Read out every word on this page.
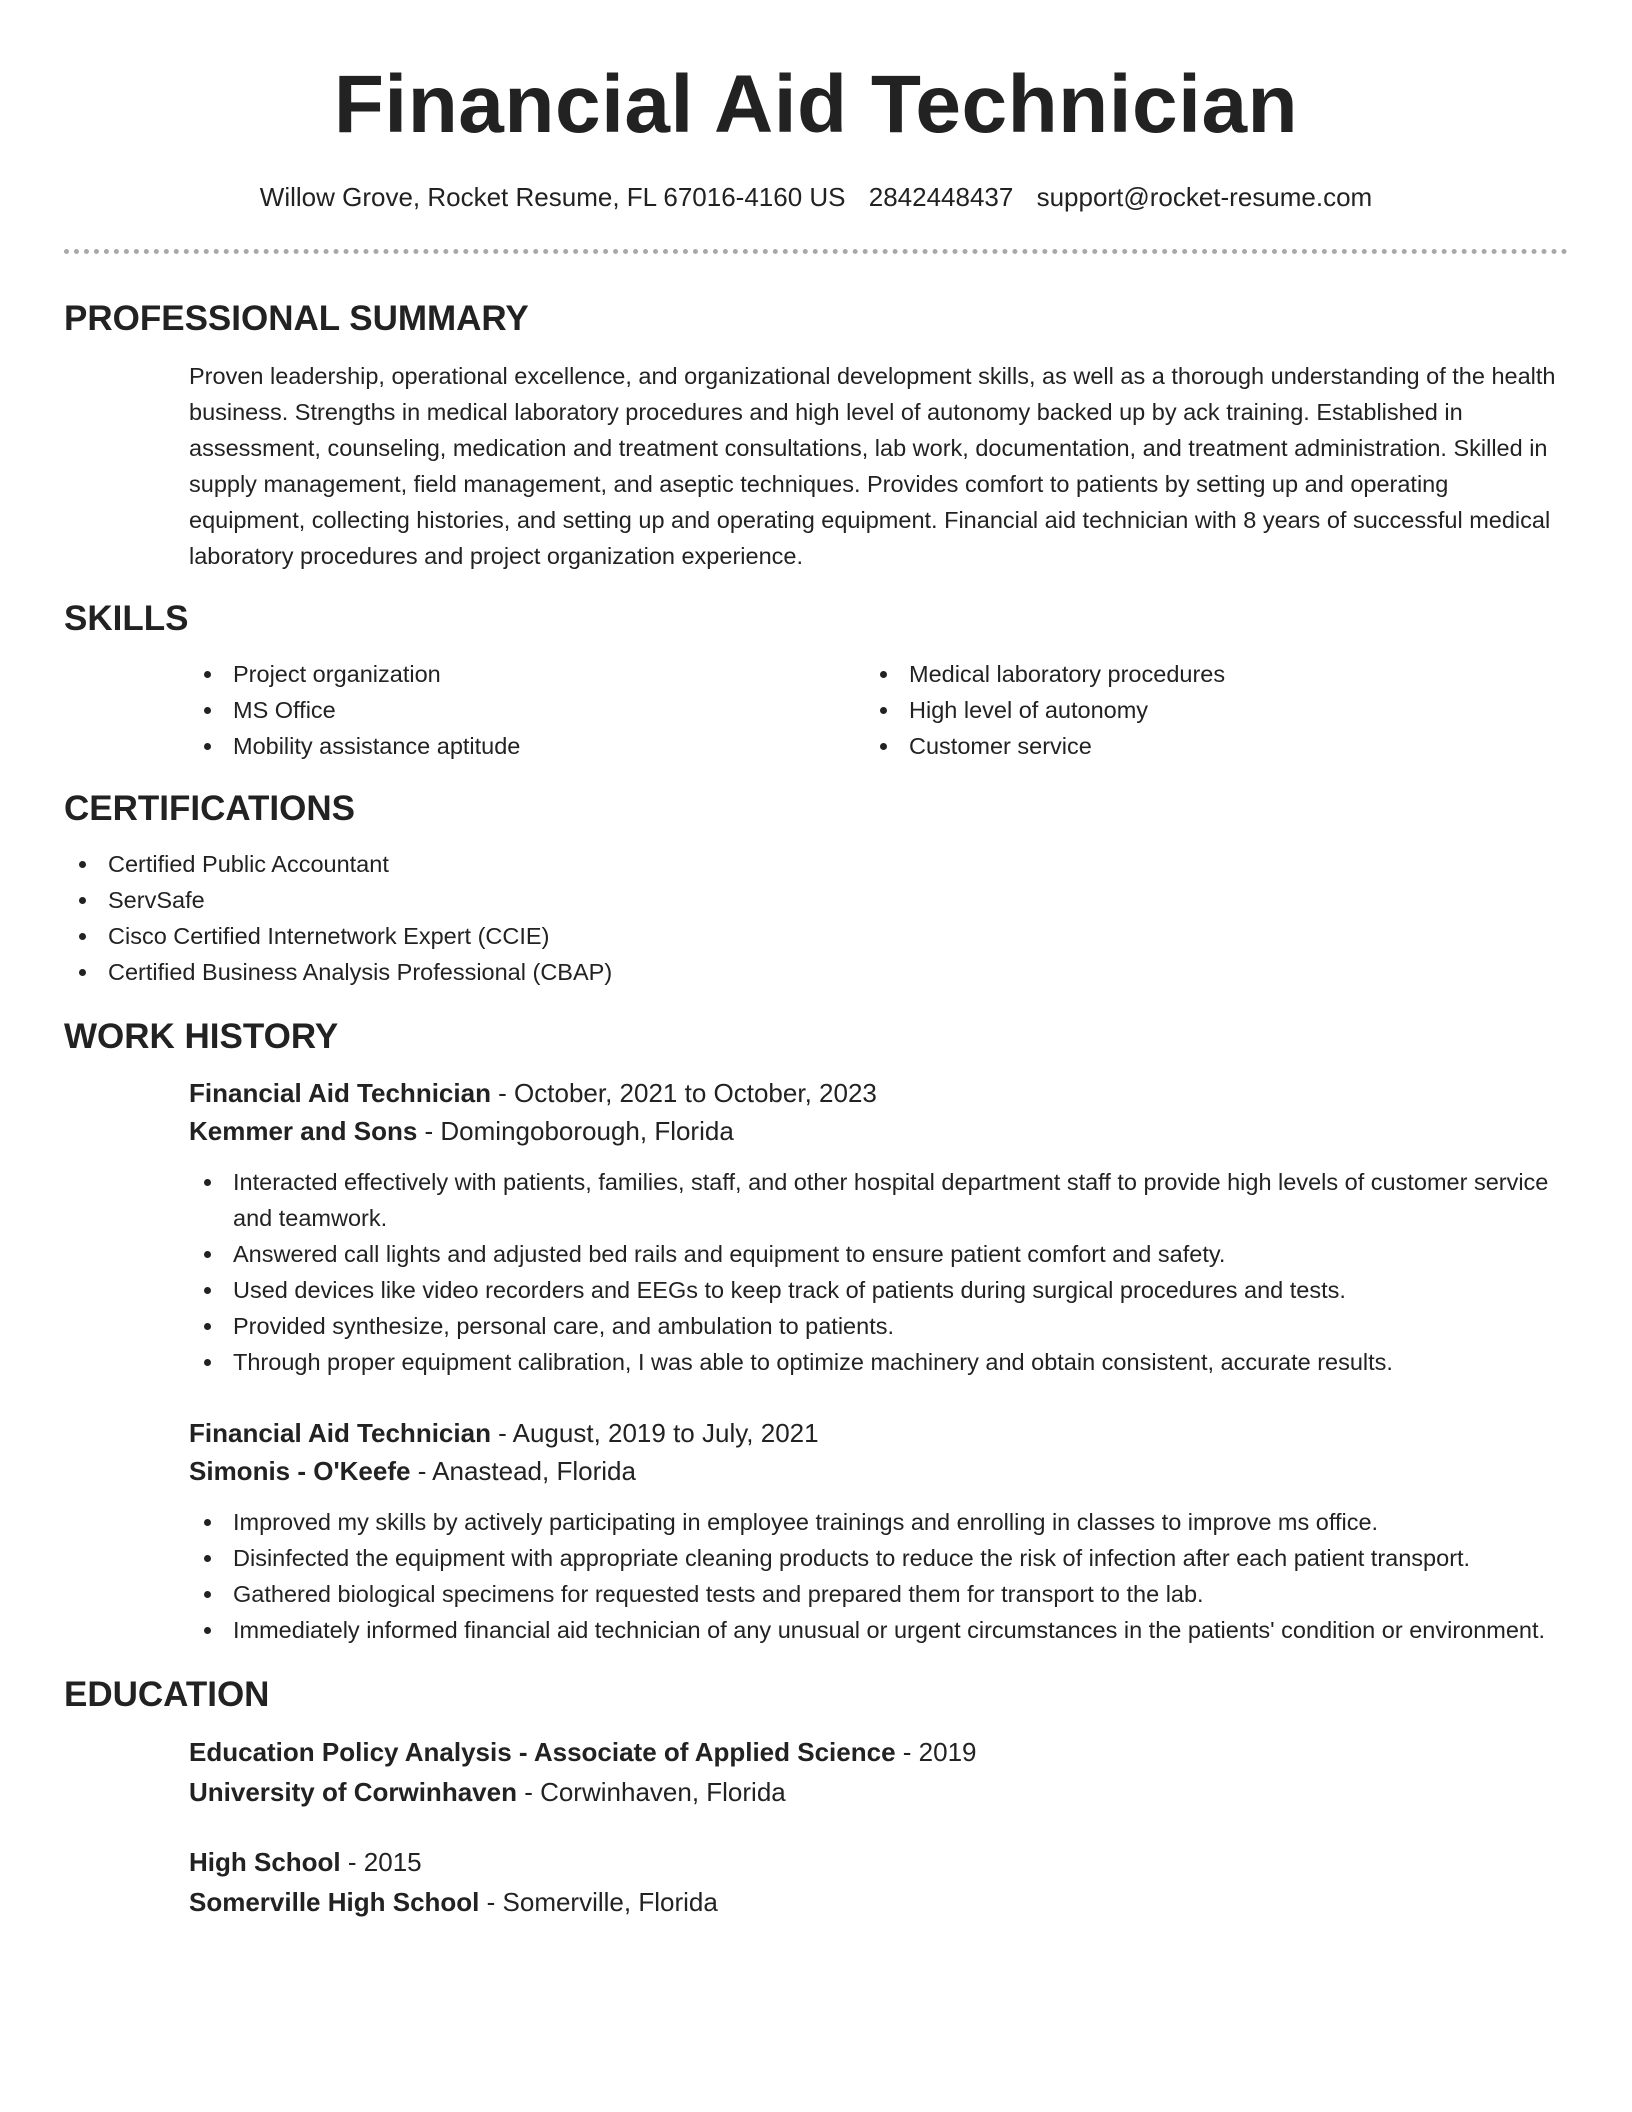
Financial Aid Technician
Willow Grove, Rocket Resume, FL 67016-4160 US 2842448437 support@rocket-resume.com
PROFESSIONAL SUMMARY

Proven leadership, operational excellence, and organizational development skills, as well as a thorough understanding of the health business. Strengths in medical laboratory procedures and high level of autonomy backed up by ack training. Established in assessment, counseling, medication and treatment consultations, lab work, documentation, and treatment administration. Skilled in supply management, field management, and aseptic techniques. Provides comfort to patients by setting up and operating equipment, collecting histories, and setting up and operating equipment. Financial aid technician with 8 years of successful medical laboratory procedures and project organization experience.

SKILLS
Project organization
MS Office
Mobility assistance aptitude
Medical laboratory procedures
High level of autonomy
Customer service
CERTIFICATIONS
Certified Public Accountant
ServSafe
Cisco Certified Internetwork Expert (CCIE)
Certified Business Analysis Professional (CBAP)
WORK HISTORY
Financial Aid Technician - October, 2021 to October, 2023
Kemmer and Sons - Domingoborough, Florida
Interacted effectively with patients, families, staff, and other hospital department staff to provide high levels of customer service and teamwork.
Answered call lights and adjusted bed rails and equipment to ensure patient comfort and safety.
Used devices like video recorders and EEGs to keep track of patients during surgical procedures and tests.
Provided synthesize, personal care, and ambulation to patients.
Through proper equipment calibration, I was able to optimize machinery and obtain consistent, accurate results.
Financial Aid Technician - August, 2019 to July, 2021
Simonis - O'Keefe - Anastead, Florida
Improved my skills by actively participating in employee trainings and enrolling in classes to improve ms office.
Disinfected the equipment with appropriate cleaning products to reduce the risk of infection after each patient transport.
Gathered biological specimens for requested tests and prepared them for transport to the lab.
Immediately informed financial aid technician of any unusual or urgent circumstances in the patients' condition or environment.
EDUCATION
Education Policy Analysis - Associate of Applied Science - 2019
University of Corwinhaven - Corwinhaven, Florida
High School - 2015
Somerville High School - Somerville, Florida
